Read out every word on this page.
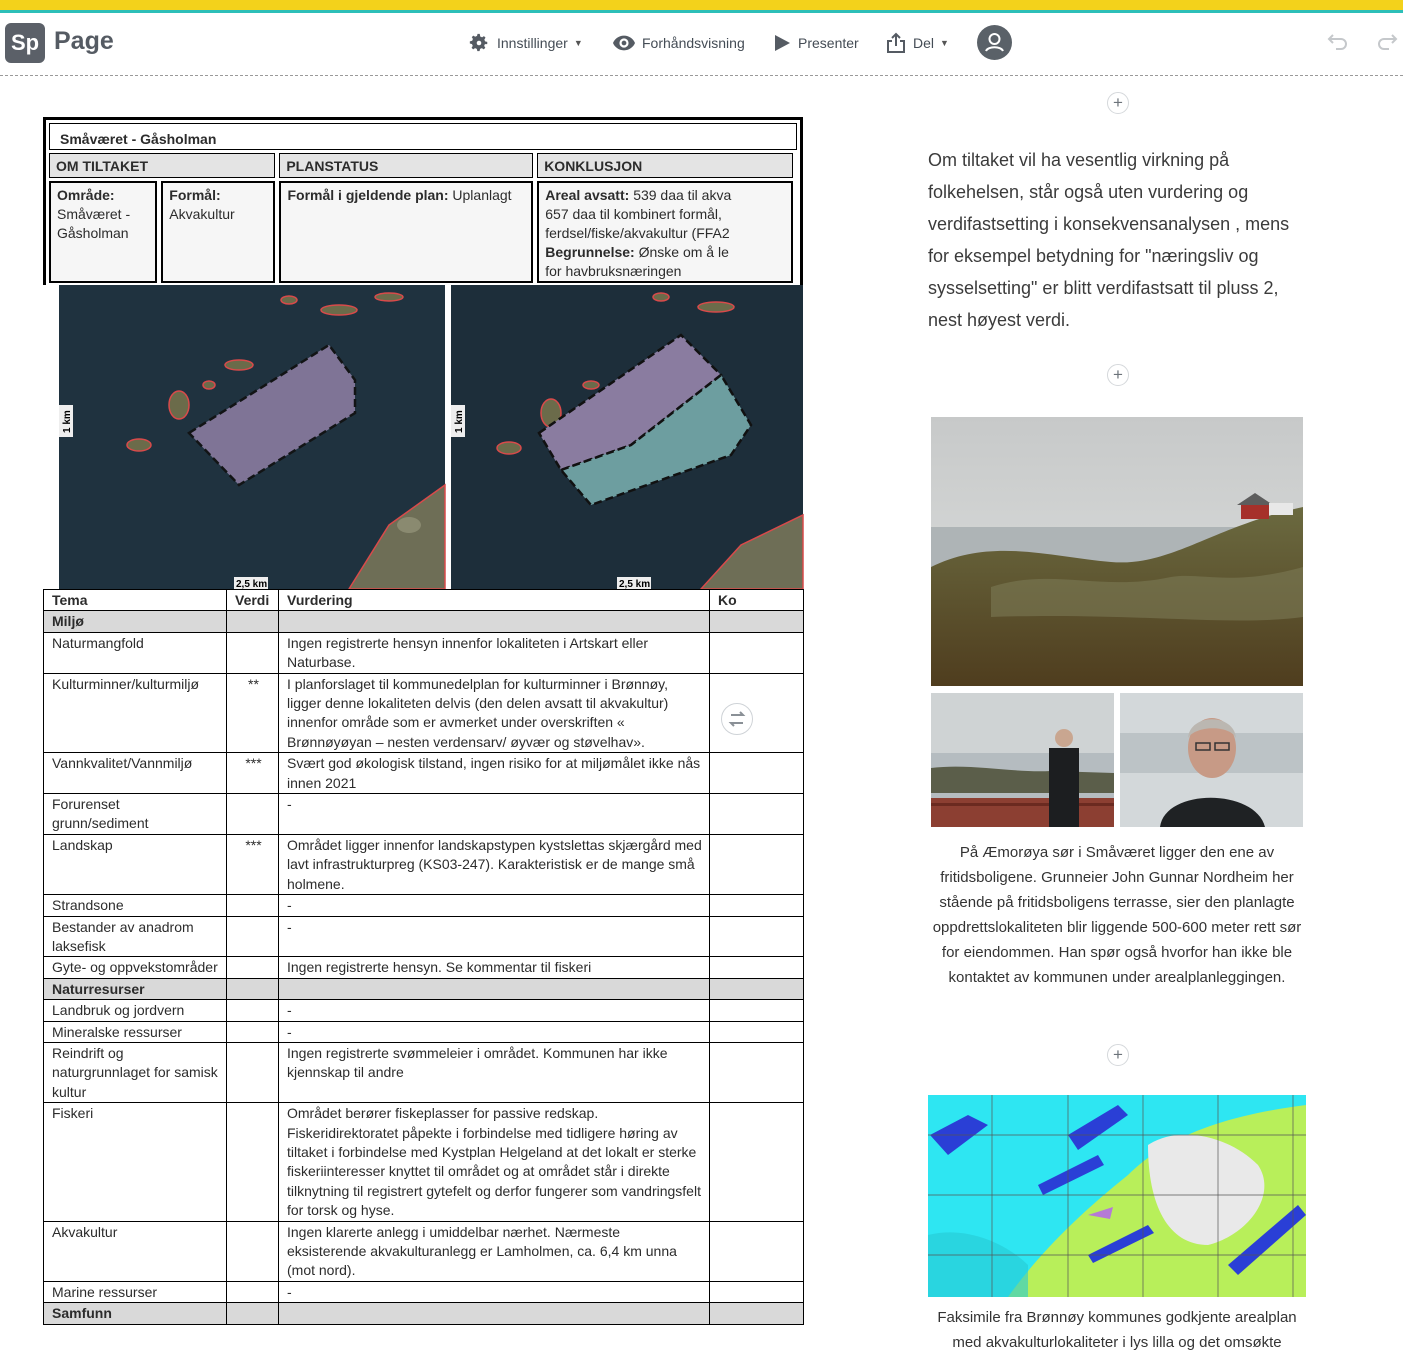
Sp Page	Innstillinger ▼	Forhåndsvisning	Presenter	Del ▼
Småværet - Gåsholman
OM TILTAKET	PLANSTATUS	KONKLUSJON
Område:
Småværet - Gåsholman
Formål:
Akvakultur
Formål i gjeldende plan: Uplanlagt	Areal avsatt: 539 daa til akva
657 daa til kombinert formål,
ferdsel/fiske/akvakultur (FFA2
Begrunnelse: Ønske om å le
for havbruksnæringen
1 km
2,5 km
1 km
2,5 km
Tema	Verdi	Vurdering	Ko
Miljø			
Naturmangfold		Ingen registrerte hensyn innenfor lokaliteten i Artskart eller Naturbase.	
Kulturminner/kulturmiljø	**	I planforslaget til kommunedelplan for kulturminner i Brønnøy, ligger denne lokaliteten delvis (den delen avsatt til akvakultur) innenfor område som er avmerket under overskriften « Brønnøyøyan – nesten verdensarv/ øyvær og støvelhav».	
Vannkvalitet/Vannmiljø	***	Svært god økologisk tilstand, ingen risiko for at miljømålet ikke nås innen 2021	
Forurenset grunn/sediment		-	
Landskap	***	Området ligger innenfor landskapstypen kystslettas skjærgård med lavt infrastrukturpreg (KS03-247). Karakteristisk er de mange små holmene.	
Strandsone		-	
Bestander av anadrom laksefisk		-	
Gyte- og oppvekstområder		Ingen registrerte hensyn. Se kommentar til fiskeri	
Naturresurser			
Landbruk og jordvern		-	
Mineralske ressurser		-	
Reindrift og naturgrunnlaget for samisk kultur		Ingen registrerte svømmeleier i området. Kommunen har ikke kjennskap til andre	
Fiskeri		Området berører fiskeplasser for passive redskap. Fiskeridirektoratet påpekte i forbindelse med tidligere høring av tiltaket i forbindelse med Kystplan Helgeland at det lokalt er sterke fiskeriinteresser knyttet til området og at området står i direkte tilknytning til registrert gytefelt og derfor fungerer som vandringsfelt for torsk og hyse.	
Akvakultur		Ingen klarerte anlegg i umiddelbar nærhet. Nærmeste eksisterende akvakulturanlegg er Lamholmen, ca. 6,4 km unna (mot nord).	
Marine ressurser		-	
Samfunn			
+
Om tiltaket vil ha vesentlig virkning på folkehelsen, står også uten vurdering og verdifastsetting i konsekvensanalysen , mens for eksempel betydning for "næringsliv og sysselsetting" er blitt verdifastsatt til pluss 2, nest høyest verdi.
+
På Æmorøya sør i Småværet ligger den ene av fritidsboligene. Grunneier John Gunnar Nordheim her stående på fritidsboligens terrasse, sier den planlagte oppdrettslokaliteten blir liggende 500-600 meter rett sør for eiendommen. Han spør også hvorfor han ikke ble kontaktet av kommunen under arealplanleggingen.
+
Faksimile fra Brønnøy kommunes godkjente arealplan med akvakulturlokaliteter i lys lilla og det omsøkte
